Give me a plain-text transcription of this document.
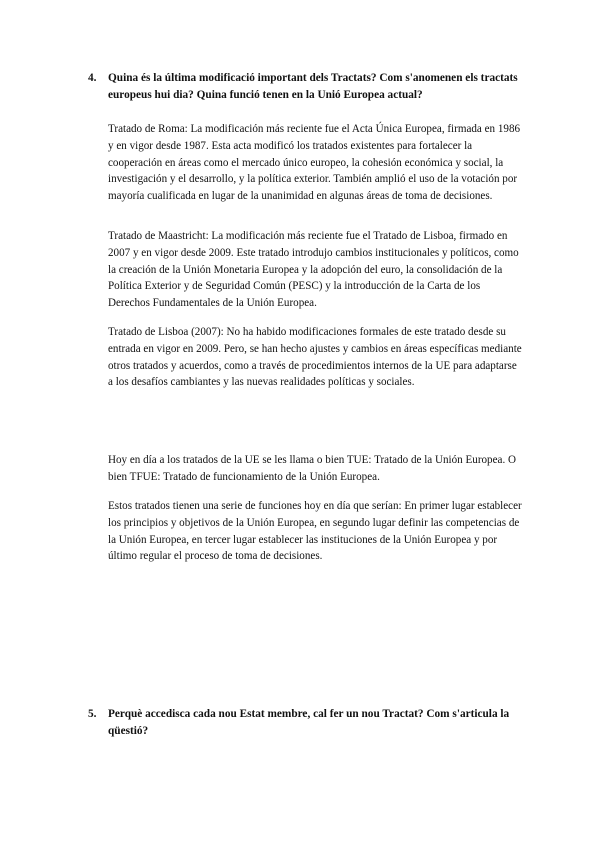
4. Quina és la última modificació important dels Tractats? Com s'anomenen els tractats europeus hui dia? Quina funció tenen en la Unió Europea actual?

Tratado de Roma: La modificación más reciente fue el Acta Única Europea, firmada en 1986 y en vigor desde 1987. Esta acta modificó los tratados existentes para fortalecer la cooperación en áreas como el mercado único europeo, la cohesión económica y social, la investigación y el desarrollo, y la política exterior. También amplió el uso de la votación por mayoría cualificada en lugar de la unanimidad en algunas áreas de toma de decisiones.

Tratado de Maastricht: La modificación más reciente fue el Tratado de Lisboa, firmado en 2007 y en vigor desde 2009. Este tratado introdujo cambios institucionales y políticos, como la creación de la Unión Monetaria Europea y la adopción del euro, la consolidación de la Política Exterior y de Seguridad Común (PESC) y la introducción de la Carta de los Derechos Fundamentales de la Unión Europea.

Tratado de Lisboa (2007): No ha habido modificaciones formales de este tratado desde su entrada en vigor en 2009. Pero, se han hecho ajustes y cambios en áreas específicas mediante otros tratados y acuerdos, como a través de procedimientos internos de la UE para adaptarse a los desafíos cambiantes y las nuevas realidades políticas y sociales.

Hoy en día a los tratados de la UE se les llama o bien TUE: Tratado de la Unión Europea. O bien TFUE: Tratado de funcionamiento de la Unión Europea.

Estos tratados tienen una serie de funciones hoy en día que serían: En primer lugar establecer los principios y objetivos de la Unión Europea, en segundo lugar definir las competencias de la Unión Europea, en tercer lugar establecer las instituciones de la Unión Europea y por último regular el proceso de toma de decisiones.

5. Perquè accedisca cada nou Estat membre, cal fer un nou Tractat? Com s'articula la qüestió?
